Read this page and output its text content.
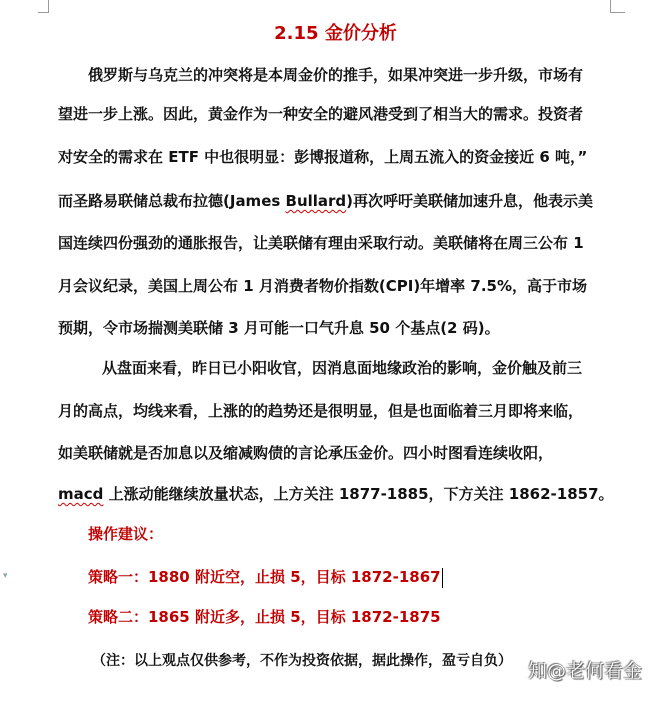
▾
2.15 金价分析
俄罗斯与乌克兰的冲突将是本周金价的推手，如果冲突进一步升级，市场有
望进一步上涨。因此，黄金作为一种安全的避风港受到了相当大的需求。投资者
对安全的需求在 ETF 中也很明显：彭博报道称，上周五流入的资金接近 6 吨，”
而圣路易联储总裁布拉德(James Bullard)再次呼吁美联储加速升息，他表示美
国连续四份强劲的通胀报告，让美联储有理由采取行动。美联储将在周三公布 1
月会议纪录，美国上周公布 1 月消费者物价指数(CPI)年增率 7.5%，高于市场
预期，令市场揣测美联储 3 月可能一口气升息 50 个基点(2 码)。
从盘面来看，昨日已小阳收官，因消息面地缘政治的影响，金价触及前三
月的高点，均线来看，上涨的的趋势还是很明显，但是也面临着三月即将来临，
如美联储就是否加息以及缩减购债的言论承压金价。四小时图看连续收阳，
macd 上涨动能继续放量状态，上方关注 1877-1885，下方关注 1862-1857。
操作建议：
策略一：1880 附近空，止损 5，目标 1872-1867
策略二：1865 附近多，止损 5，目标 1872-1875
（注：以上观点仅供参考，不作为投资依据，据此操作，盈亏自负） 知@老何看金
